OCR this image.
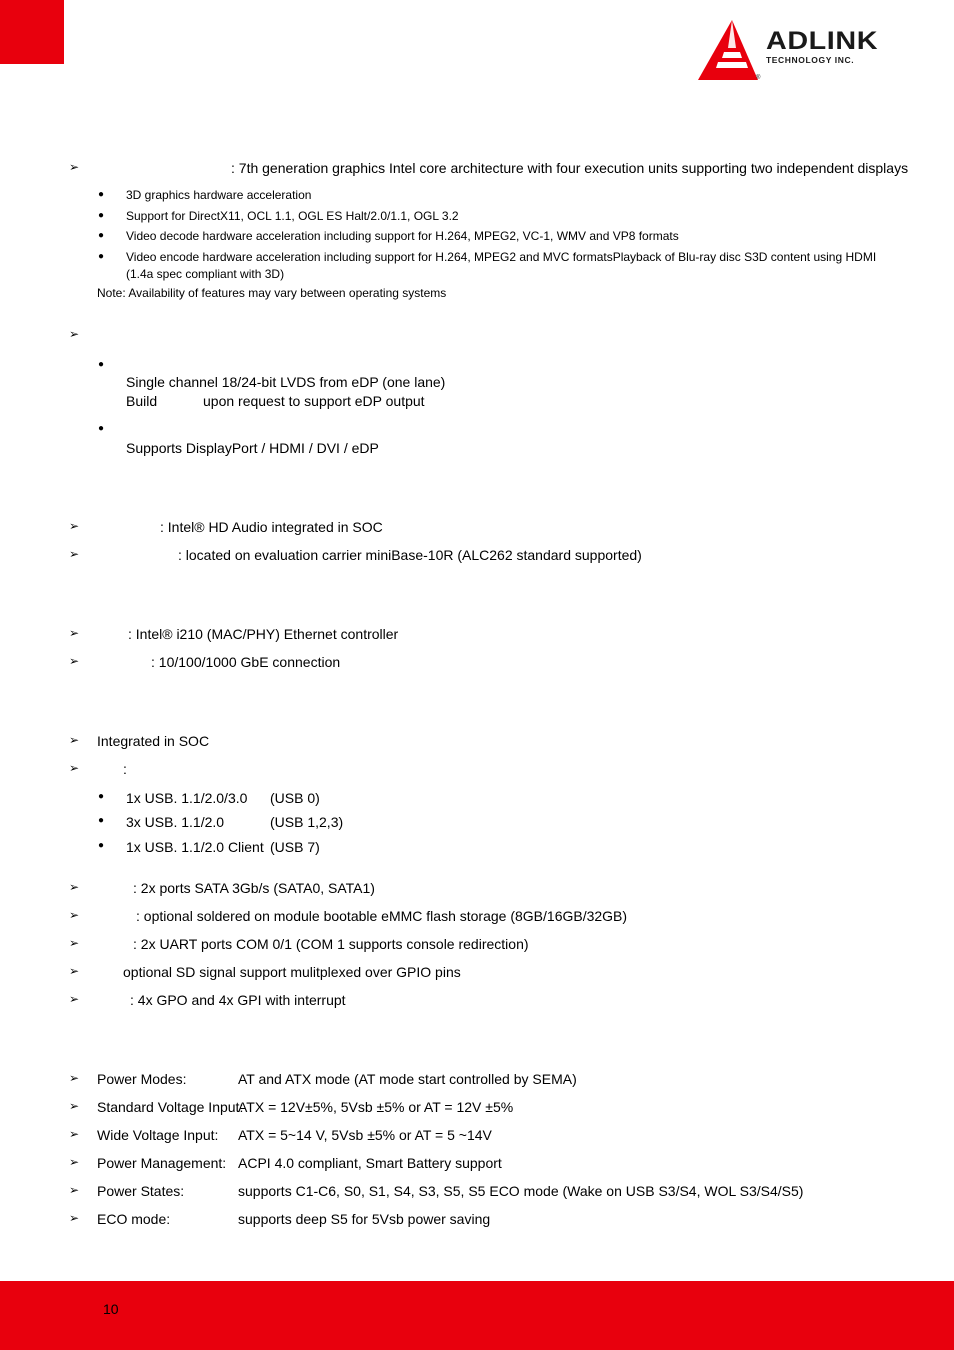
ADLINK
TECHNOLOGY INC.
®
➢	: 7th generation graphics Intel core architecture with four execution units supporting two independent displays
● 3D graphics hardware acceleration
● Support for DirectX11, OCL 1.1, OGL ES Halt/2.0/1.1, OGL 3.2
● Video decode hardware acceleration including support for H.264, MPEG2, VC-1, WMV and VP8 formats
● Video encode hardware acceleration including support for H.264, MPEG2 and MVC formatsPlayback of Blu-ray disc S3D content using HDMI
(1.4a spec compliant with 3D)
Note: Availability of features may vary between operating systems
➢
●
Single channel 18/24-bit LVDS from eDP (one lane)
Build	upon request to support eDP output
●
Supports DisplayPort / HDMI / DVI / eDP
➢	: Intel® HD Audio integrated in SOC
➢	: located on evaluation carrier miniBase-10R (ALC262 standard supported)
➢	: Intel® i210 (MAC/PHY) Ethernet controller
➢	: 10/100/1000 GbE connection
➢ Integrated in SOC
➢	:
● 1x USB. 1.1/2.0/3.0 (USB 0)
● 3x USB. 1.1/2.0	(USB 1,2,3)
● 1x USB. 1.1/2.0 Client (USB 7)
➢	: 2x ports SATA 3Gb/s (SATA0, SATA1)
➢	: optional soldered on module bootable eMMC flash storage (8GB/16GB/32GB)
➢	: 2x UART ports COM 0/1 (COM 1 supports console redirection)
➢	optional SD signal support mulitplexed over GPIO pins
➢	: 4x GPO and 4x GPI with interrupt
➢ Power Modes:	AT and ATX mode (AT mode start controlled by SEMA)
➢ Standard Voltage Input:
ATX = 12V±5%, 5Vsb ±5% or AT = 12V ±5%
➢ Wide Voltage Input: ATX = 5~14 V, 5Vsb ±5% or AT = 5 ~14V
➢ Power Management: ACPI 4.0 compliant, Smart Battery support
➢ Power States:	supports C1-C6, S0, S1, S4, S3, S5, S5 ECO mode (Wake on USB S3/S4, WOL S3/S4/S5)
➢ ECO mode:	supports deep S5 for 5Vsb power saving
10
